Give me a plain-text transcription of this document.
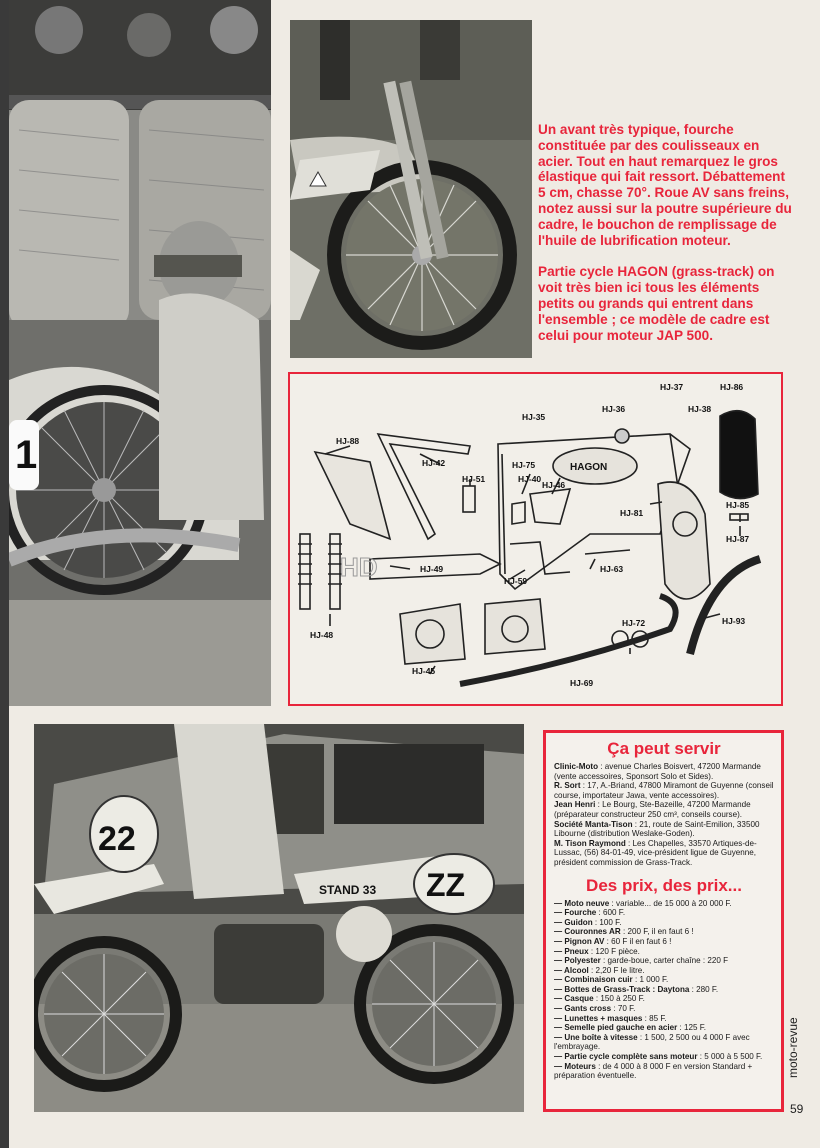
1

Un avant très typique, fourche constituée par des coulisseaux en acier. Tout en haut remarquez le gros élastique qui fait ressort. Débattement 5 cm, chasse 70°. Roue AV sans freins, notez aussi sur la poutre supérieure du cadre, le bouchon de remplissage de l'huile de lubrification moteur.

Partie cycle HAGON (grass-track) on voit très bien ici tous les éléments petits ou grands qui entrent dans l'ensemble ; ce modèle de cadre est celui pour moteur JAP 500.

HD
HAGON
HJ-37	HJ-86
HJ-36	HJ-38
HJ-35
HJ-88
HJ-42	HJ-75
HJ-51	HJ-40
HJ-46
HJ-81
HJ-85
HJ-87
HJ-49
HJ-59
HJ-63
HJ-48
HJ-72	HJ-93
HJ-45
HJ-69
22
ZZ
STAND 33
Ça peut servir

Clinic-Moto : avenue Charles Boisvert, 47200 Marmande (vente accessoires, Sponsort Solo et Sides).

R. Sort : 17, A.-Briand, 47800 Miramont de Guyenne (conseil course, importateur Jawa, vente accessoires).

Jean Henri : Le Bourg, Ste-Bazeille, 47200 Marmande (préparateur constructeur 250 cm³, conseils course).

Société Manta-Tison : 21, route de Saint-Emilion, 33500 Libourne (distribution Weslake-Goden).

M. Tison Raymond : Les Chapelles, 33570 Artiques-de-Lussac, (56) 84-01-49, vice-président ligue de Guyenne, président commission de Grass-Track.

Des prix, des prix...

— Moto neuve : variable... de 15 000 à 20 000 F.

— Fourche : 600 F.

— Guidon : 100 F.

— Couronnes AR : 200 F, il en faut 6 !

— Pignon AV : 60 F il en faut 6 !

— Pneux : 120 F pièce.

— Polyester : garde-boue, carter chaîne : 220 F

— Alcool : 2,20 F le litre.

— Combinaison cuir : 1 000 F.

— Bottes de Grass-Track : Daytona : 280 F.

— Casque : 150 à 250 F.

— Gants cross : 70 F.

— Lunettes + masques : 85 F.

— Semelle pied gauche en acier : 125 F.

— Une boîte à vitesse : 1 500, 2 500 ou 4 000 F avec l'embrayage.

— Partie cycle complète sans moteur : 5 000 à 5 500 F.

— Moteurs : de 4 000 à 8 000 F en version Standard + préparation éventuelle.	moto-revue
59
